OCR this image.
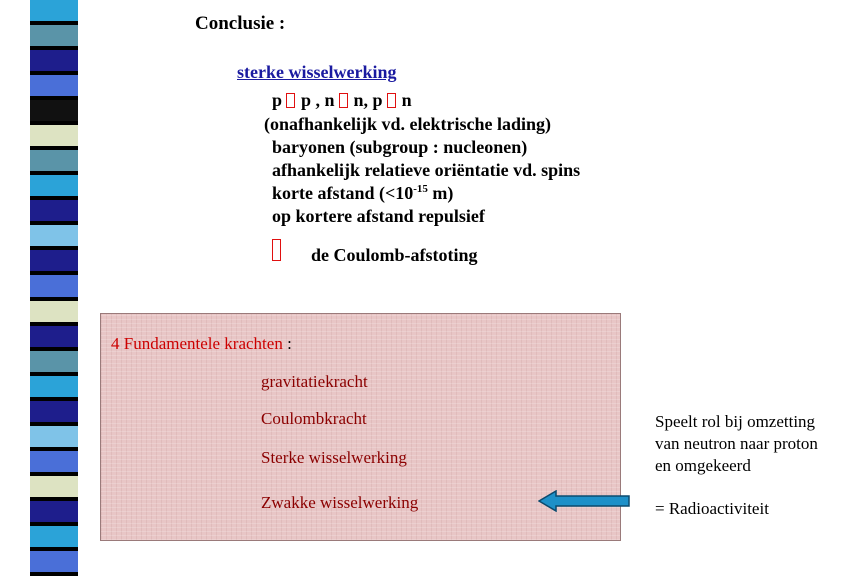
Conclusie :
sterke wisselwerking
p p , n n, p n
(onafhankelijk vd. elektrische lading)
baryonen (subgroup : nucleonen)
afhankelijk relatieve oriëntatie vd. spins
korte afstand ($<10^{-15}$ m)
op kortere afstand repulsief
de Coulomb-afstoting
4 Fundamentele krachten :
gravitatiekracht
Coulombkracht
Sterke wisselwerking
Zwakke wisselwerking
Speelt rol bij omzetting
van neutron naar proton
en omgekeerd
= Radioactiviteit
